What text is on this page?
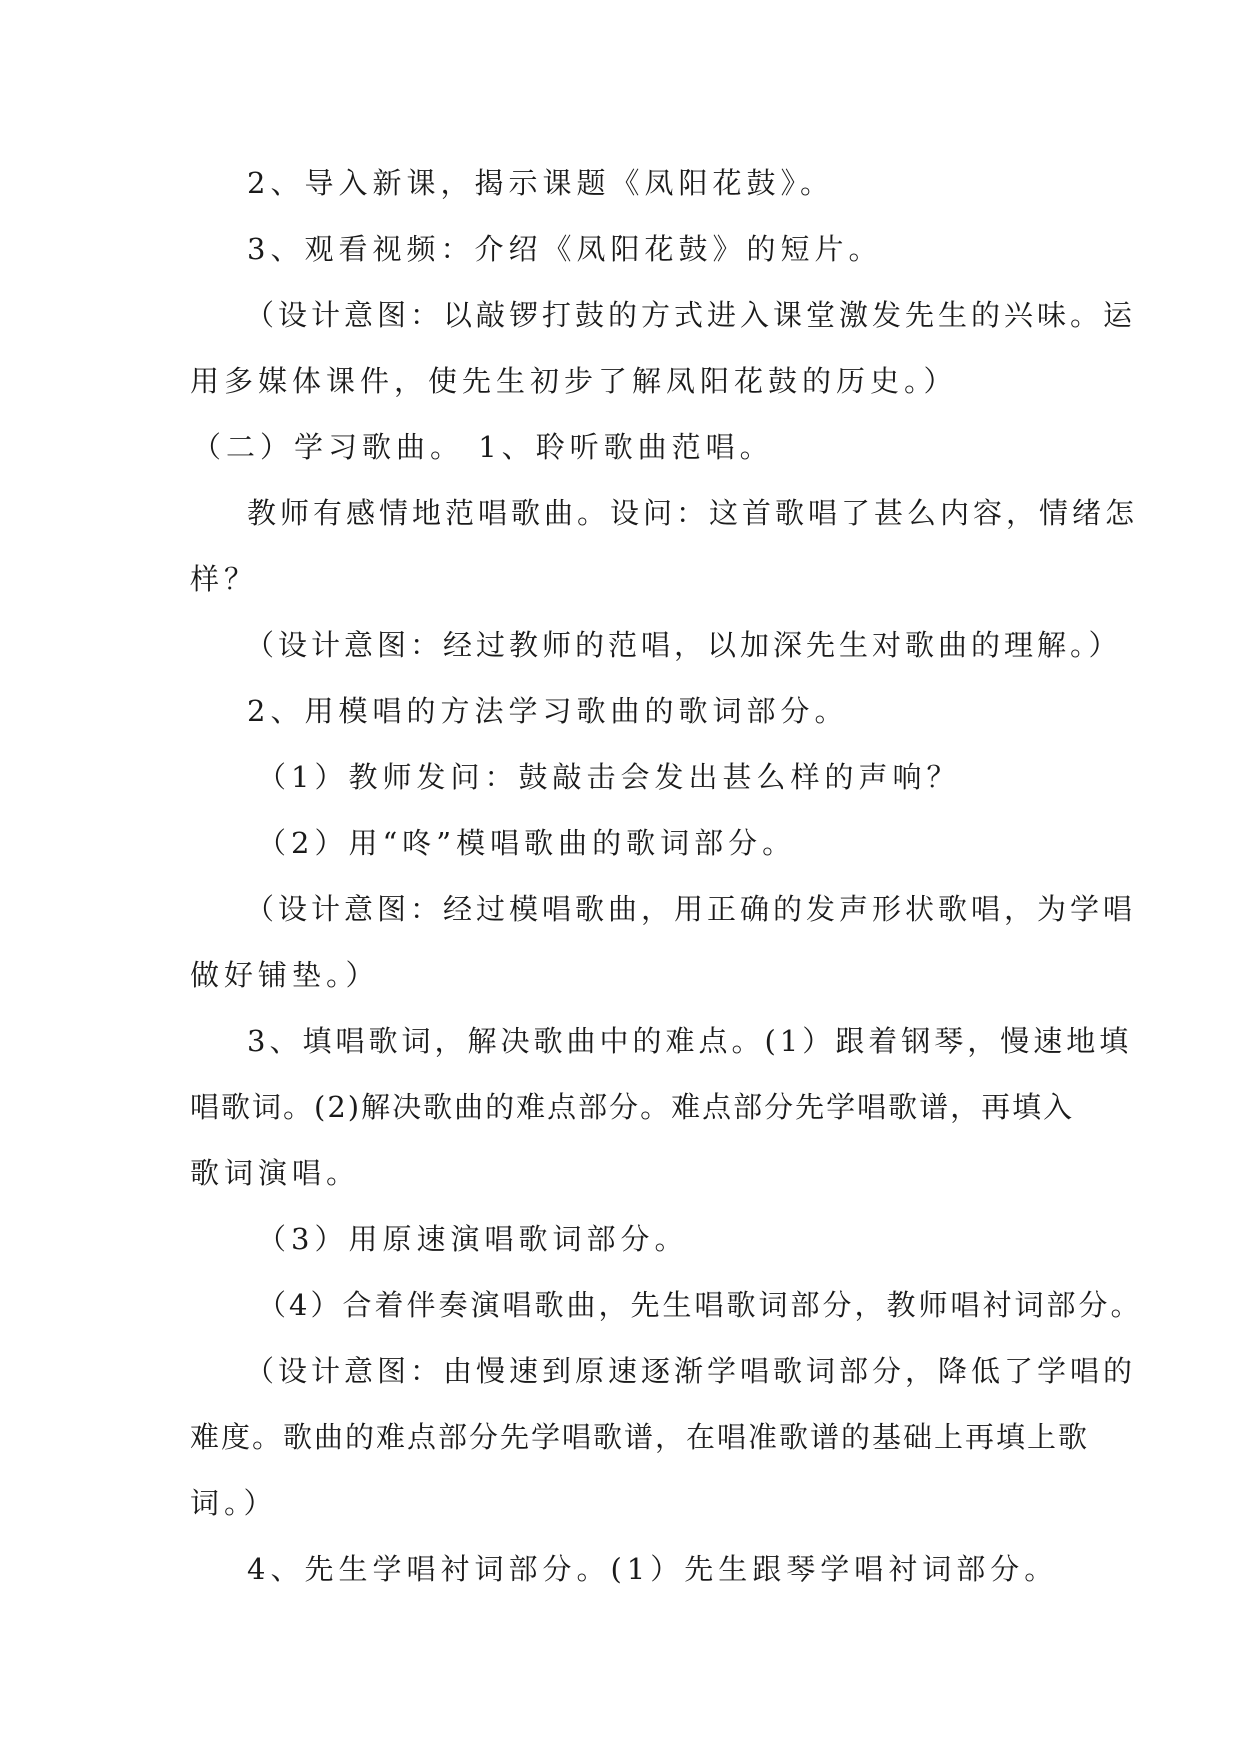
2、导入新课，揭示课题《凤阳花鼓》。
3、观看视频：介绍《凤阳花鼓》的短片。
（设计意图：以敲锣打鼓的方式进入课堂激发先生的兴味。运
用多媒体课件，使先生初步了解凤阳花鼓的历史。）
（二）学习歌曲。 1、聆听歌曲范唱。
教师有感情地范唱歌曲。设问：这首歌唱了甚么内容，情绪怎
样？
（设计意图：经过教师的范唱，以加深先生对歌曲的理解。）
2、用模唱的方法学习歌曲的歌词部分。
（1）教师发问：鼓敲击会发出甚么样的声响？
（2）用“咚”模唱歌曲的歌词部分。
（设计意图：经过模唱歌曲，用正确的发声形状歌唱，为学唱
做好铺垫。）
3、填唱歌词，解决歌曲中的难点。(1）跟着钢琴，慢速地填
唱歌词。(2)解决歌曲的难点部分。难点部分先学唱歌谱，再填入
歌词演唱。
（3）用原速演唱歌词部分。
（4）合着伴奏演唱歌曲，先生唱歌词部分，教师唱衬词部分。
（设计意图：由慢速到原速逐渐学唱歌词部分，降低了学唱的
难度。歌曲的难点部分先学唱歌谱，在唱准歌谱的基础上再填上歌
词。）
4、先生学唱衬词部分。(1）先生跟琴学唱衬词部分。
